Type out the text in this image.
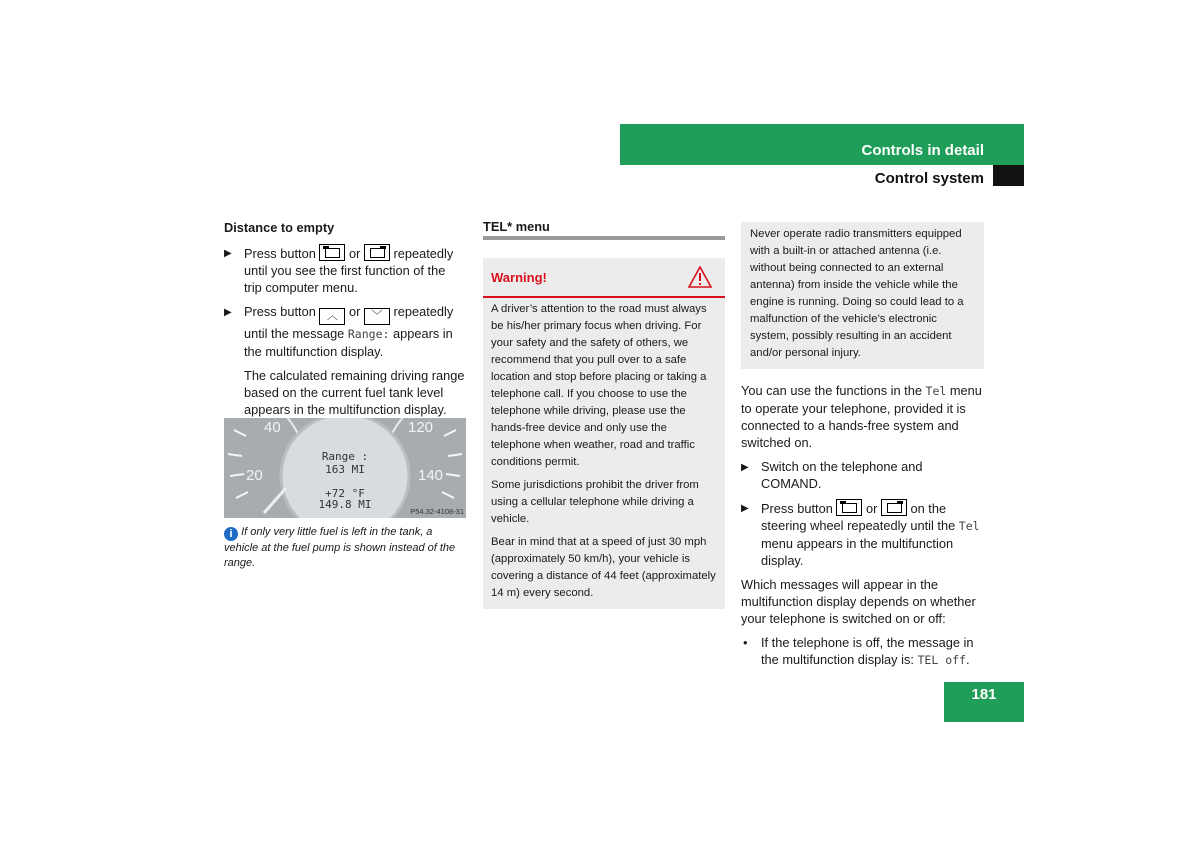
Controls in detail
Control system
Distance to empty
▶ Press button	or	repeatedly until you see the first function of the trip computer menu.
▶ Press button ︿ or ﹀ repeatedly until the message Range: appears in the multifunction display.
The calculated remaining driving range based on the current fuel tank level appears in the multifunction display.
40	120
20	140
Range :
163 MI
+72 °F
149.8 MI
P54.32-4108-31
i If only very little fuel is left in the tank, a vehicle at the fuel pump is shown instead of the range.
TEL* menu
Warning!

A driver’s attention to the road must always be his/her primary focus when driving. For your safety and the safety of others, we recommend that you pull over to a safe location and stop before placing or taking a telephone call. If you choose to use the telephone while driving, please use the hands-free device and only use the telephone when weather, road and traffic conditions permit.

Some jurisdictions prohibit the driver from using a cellular telephone while driving a vehicle.

Bear in mind that at a speed of just 30 mph (approximately 50 km/h), your vehicle is covering a distance of 44 feet (approximately 14 m) every second.

Never operate radio transmitters equipped with a built-in or attached antenna (i.e. without being connected to an external antenna) from inside the vehicle while the engine is running. Doing so could lead to a malfunction of the vehicle’s electronic system, possibly resulting in an accident and/or personal injury.

You can use the functions in the Tel menu to operate your telephone, provided it is connected to a hands-free system and switched on.

▶ Switch on the telephone and COMAND.
▶ Press button	or	on the steering wheel repeatedly until the Tel menu appears in the multifunction display.

Which messages will appear in the multifunction display depends on whether your telephone is switched on or off:

• If the telephone is off, the message in the multifunction display is: TEL off.
181
